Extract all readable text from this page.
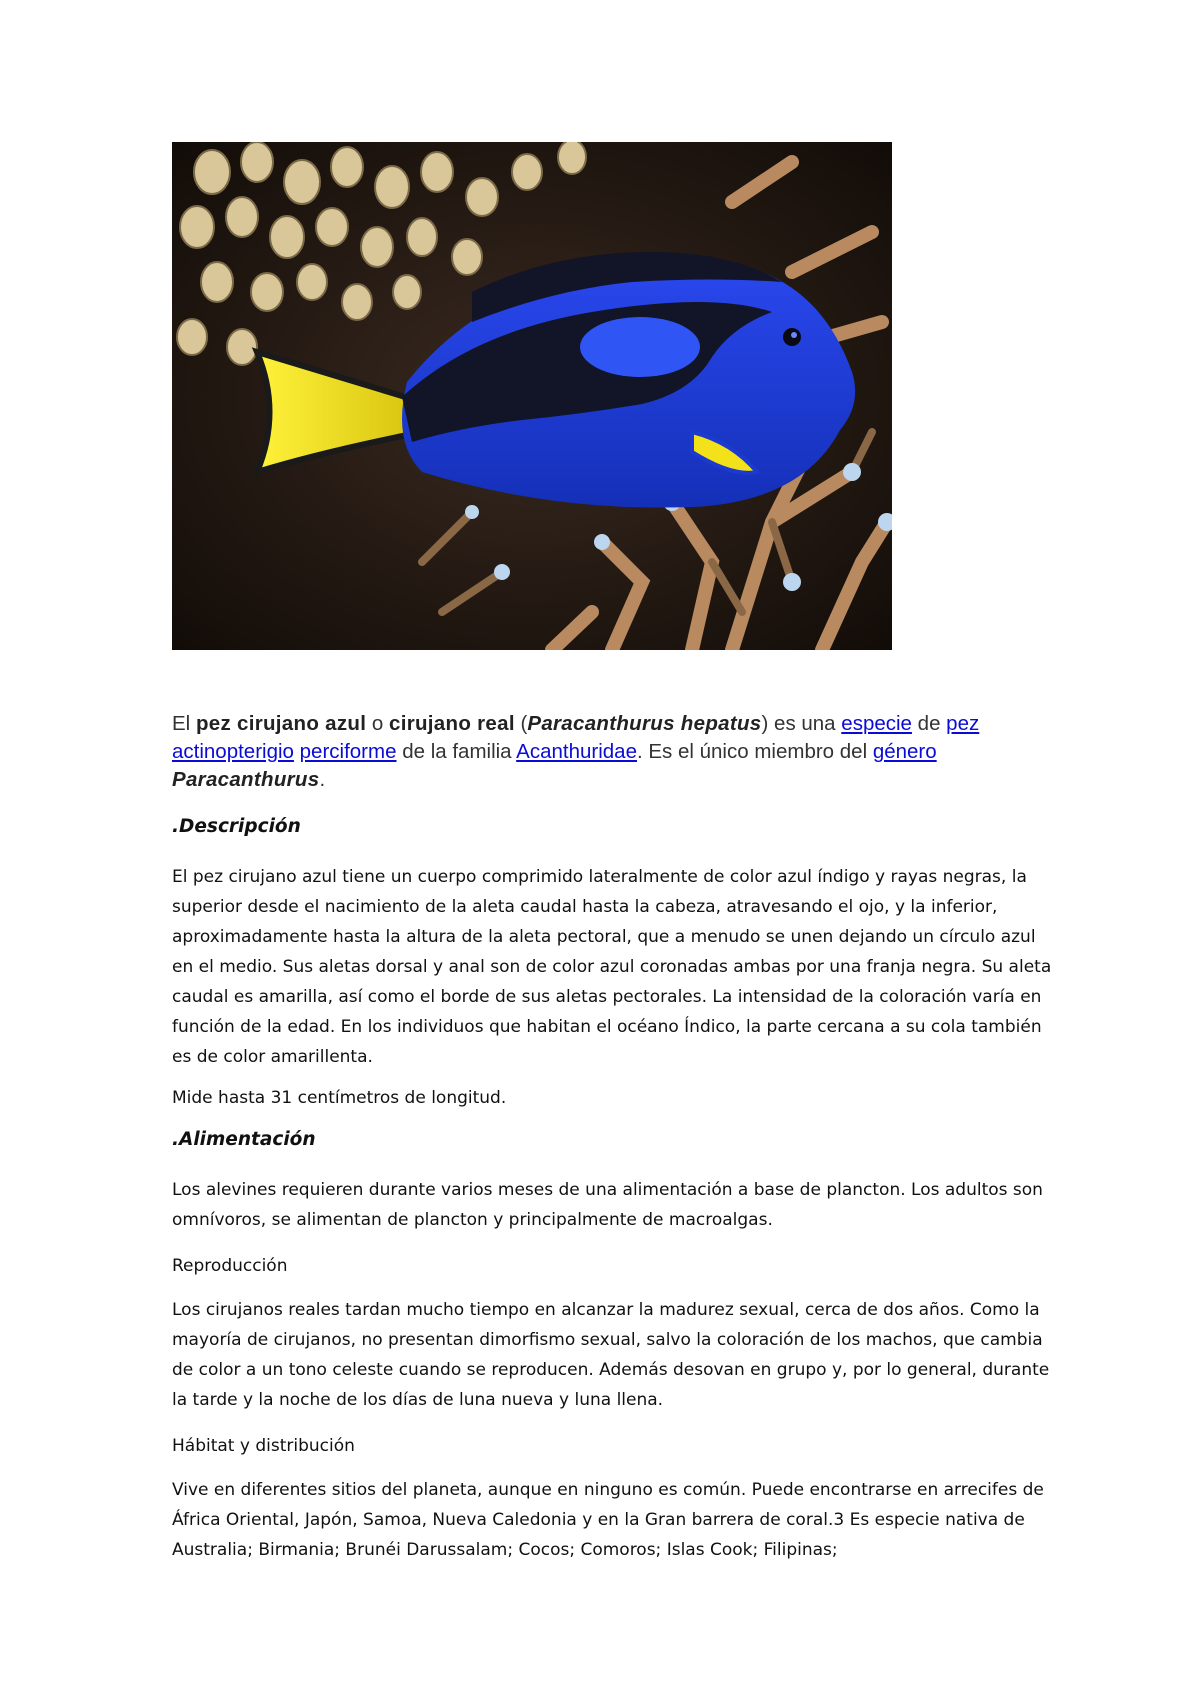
El pez cirujano azul o cirujano real (Paracanthurus hepatus) es una especie de pez actinopterigio perciforme de la familia Acanthuridae. Es el único miembro del género Paracanthurus.

.Descripción

El pez cirujano azul tiene un cuerpo comprimido lateralmente de color azul índigo y rayas negras, la superior desde el nacimiento de la aleta caudal hasta la cabeza, atravesando el ojo, y la inferior, aproximadamente hasta la altura de la aleta pectoral, que a menudo se unen dejando un círculo azul en el medio. Sus aletas dorsal y anal son de color azul coronadas ambas por una franja negra. Su aleta caudal es amarilla, así como el borde de sus aletas pectorales. La intensidad de la coloración varía en función de la edad. En los individuos que habitan el océano Índico, la parte cercana a su cola también es de color amarillenta.

Mide hasta 31 centímetros de longitud.

.Alimentación

Los alevines requieren durante varios meses de una alimentación a base de plancton. Los adultos son omnívoros, se alimentan de plancton y principalmente de macroalgas.

Reproducción

Los cirujanos reales tardan mucho tiempo en alcanzar la madurez sexual, cerca de dos años. Como la mayoría de cirujanos, no presentan dimorfismo sexual, salvo la coloración de los machos, que cambia de color a un tono celeste cuando se reproducen. Además desovan en grupo y, por lo general, durante la tarde y la noche de los días de luna nueva y luna llena.

Hábitat y distribución

Vive en diferentes sitios del planeta, aunque en ninguno es común. Puede encontrarse en arrecifes de África Oriental, Japón, Samoa, Nueva Caledonia y en la Gran barrera de coral.3 Es especie nativa de Australia; Birmania; Brunéi Darussalam; Cocos; Comoros; Islas Cook; Filipinas;
